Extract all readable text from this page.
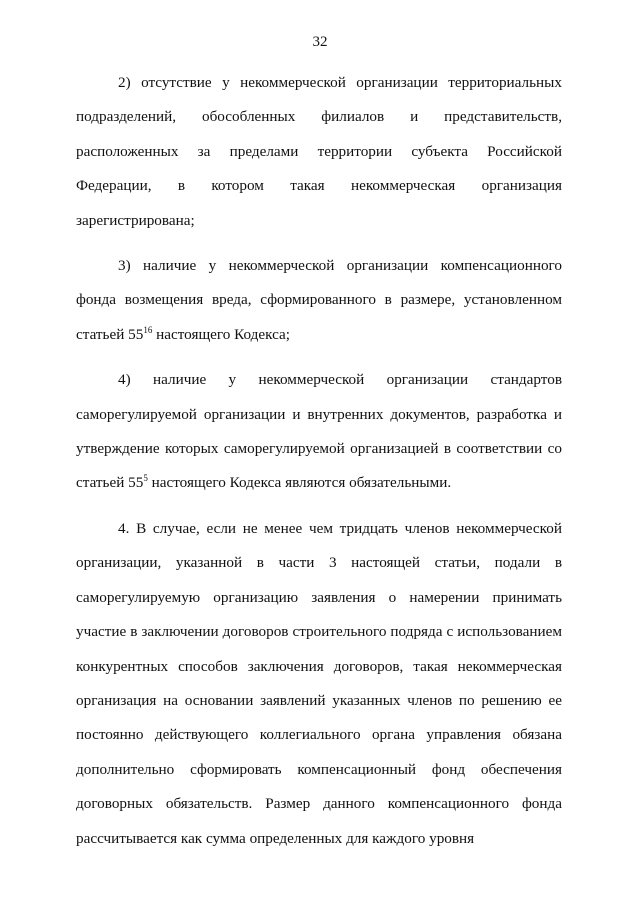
32

2) отсутствие у некоммерческой организации территориальных подразделений, обособленных филиалов и представительств, расположенных за пределами территории субъекта Российской Федерации, в котором такая некоммерческая организация зарегистрирована;

3) наличие у некоммерческой организации компенсационного фонда возмещения вреда, сформированного в размере, установленном статьей $55^{16}$ настоящего Кодекса;

4) наличие у некоммерческой организации стандартов саморегулируемой организации и внутренних документов, разработка и утверждение которых саморегулируемой организацией в соответствии со статьей $55^5$ настоящего Кодекса являются обязательными.

4. В случае, если не менее чем тридцать членов некоммерческой организации, указанной в части 3 настоящей статьи, подали в саморегулируемую организацию заявления о намерении принимать участие в заключении договоров строительного подряда с использованием конкурентных способов заключения договоров, такая некоммерческая организация на основании заявлений указанных членов по решению ее постоянно действующего коллегиального органа управления обязана дополнительно сформировать компенсационный фонд обеспечения договорных обязательств. Размер данного компенсационного фонда рассчитывается как сумма определенных для каждого уровня
